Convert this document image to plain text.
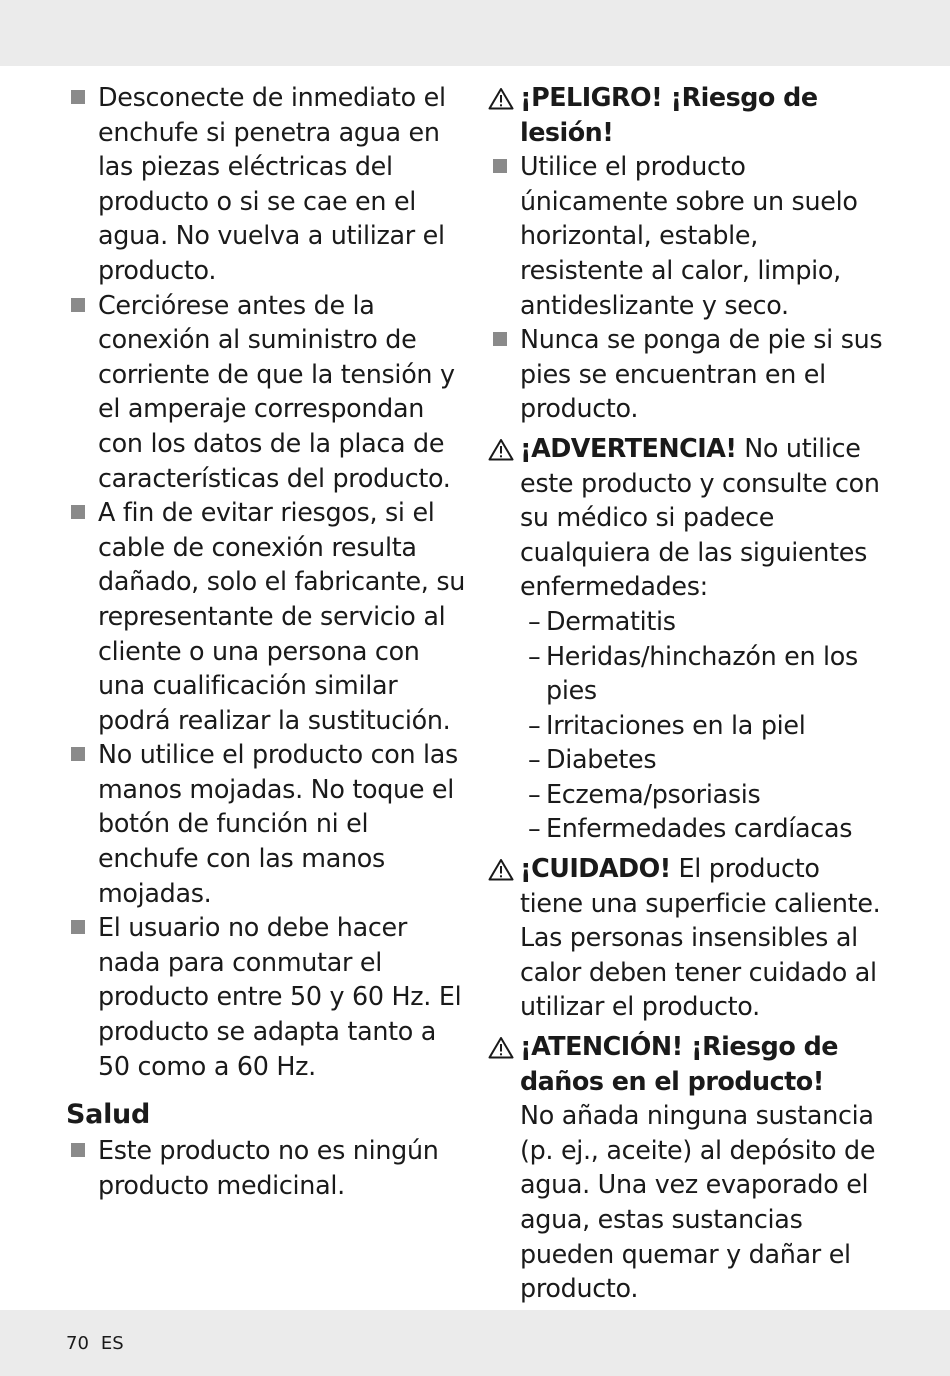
Desconecte de inmediato el enchufe si penetra agua en las piezas eléctricas del producto o si se cae en el agua. No vuelva a utilizar el producto.

Cerciórese antes de la conexión al suministro de corriente de que la tensión y el amperaje correspondan con los datos de la placa de características del producto.

A fin de evitar riesgos, si el cable de conexión resulta dañado, solo el fabricante, su representante de servicio al cliente o una persona con una cualificación similar podrá realizar la sustitución.

No utilice el producto con las manos mojadas. No toque el botón de función ni el enchufe con las manos mojadas.

El usuario no debe hacer nada para conmutar el producto entre 50 y 60 Hz. El producto se adapta tanto a 50 como a 60 Hz.

Salud

Este producto no es ningún producto medicinal.

¡PELIGRO! ¡Riesgo de lesión!

Utilice el producto únicamente sobre un suelo horizontal, estable, resistente al calor, limpio, antideslizante y seco.

Nunca se ponga de pie si sus pies se encuentran en el producto.

¡ADVERTENCIA! No utilice este producto y consulte con su médico si padece cualquiera de las siguientes enfermedades:

– Dermatitis
– Heridas/hinchazón en los pies
– Irritaciones en la piel
– Diabetes
– Eczema/psoriasis
– Enfermedades cardíacas

¡CUIDADO! El producto tiene una superficie caliente. Las personas insensibles al calor deben tener cuidado al utilizar el producto.

¡ATENCIÓN! ¡Riesgo de daños en el producto!
No añada ninguna sustancia (p. ej., aceite) al depósito de agua. Una vez evaporado el agua, estas sustancias pueden quemar y dañar el producto.

70 ES
